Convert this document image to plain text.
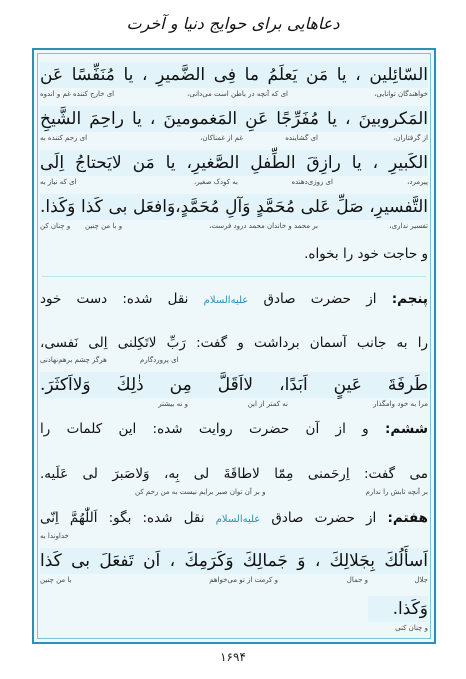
دعاهایی برای حوایج دنیا و آخرت
السّائِلین ، یا مَن یَعلَمُ ما فِی الضَّمیرِ ، یا مُنَفِّسًا عَن
خواهندگان توانایی،
ای که آنچه در باطن است می‌دانی،
ای خارج کننده غم و اندوه
المَکروبینَ ، یا مُفَرِّجًا عَنِ المَغمومینَ ، یا راحِمَ الشَّیخِ
از گرفتاران،
ای گشاینده
غم از غمناکان،
ای رحم کننده به
الکَبیرِ ، یا رازِقَ الطِّفلِ الصَّغیرِ، یا مَن لایَحتاجُ اِلَی
پیرمرد،
ای روزی‌دهنده
به کودک صغیر،
ای که نیاز به
التَّفسیرِ، صَلِّ عَلی مُحَمَّدٍ وَآلِ مُحَمَّدٍ،وَافعَل بی کَذا وَکَذا.
تفسیر نداری،
بر محمد و خاندان محمد درود فرست،
و با من چنین
و چنان کن
و حاجت خود را بخواه.
پنجم: از حضرت صادق علیه‌السلام نقل شده: دست خود
را به جانب آسمان برداشت و گفت: رَبِّ لاتَکِلنی اِلی نَفسی،
ای پروردگارم
هرگز چشم برهم‌نهادنی
طَرفَةَ عَینٍ اَبَدًا، لااَقَلَّ مِن ذٰلِكَ وَلااَکثَرَ.
مرا به خود وامگذار
نه کمتر از این
و نه بیشتر
ششم: و از آن حضرت روایت شده: این کلمات را
می گفت: اِرحَمنی مِمّا لاطاقَةَ لی بِه، وَلاصَبرَ لی عَلَیه.
بر آنچه تابش را ندارم
و بر آن توان صبر برایم نیست به من رحم کن
هفتم: از حضرت صادق علیه‌السلام نقل شده: بگو: اَللّٰهُمَّ اِنّی
خداوندا به
اَسأَلُكَ بِجَلالِكَ ، وَ جَمالِكَ وَکَرَمِكَ ، اَن تَفعَلَ بی کَذا
جلال
و جمال
و کرمت از تو می‌خواهم
با من چنین
وَکَذا.
و چنان کنی
۱۶۹۴
